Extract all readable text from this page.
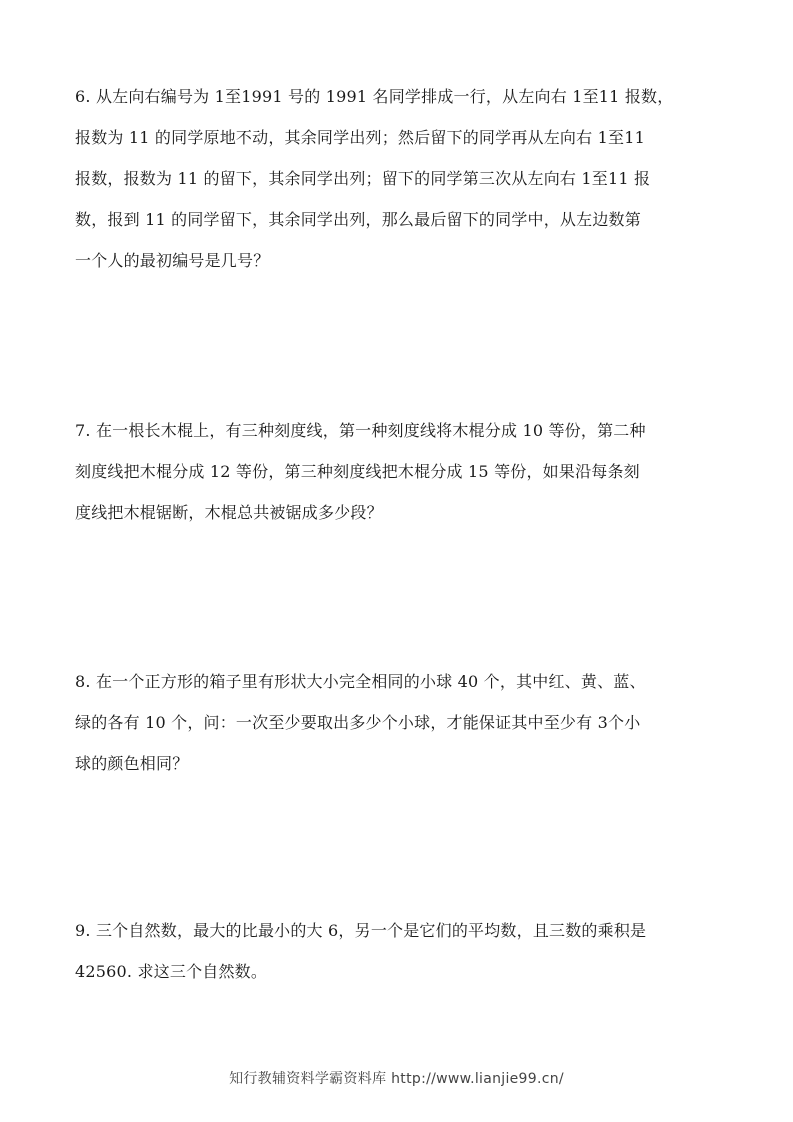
6. 从左向右编号为 1至1991 号的 1991 名同学排成一行，从左向右 1至11 报数，
报数为 11 的同学原地不动，其余同学出列；然后留下的同学再从左向右 1至11
报数，报数为 11 的留下，其余同学出列；留下的同学第三次从左向右 1至11 报
数，报到 11 的同学留下，其余同学出列，那么最后留下的同学中，从左边数第
一个人的最初编号是几号？
7. 在一根长木棍上，有三种刻度线，第一种刻度线将木棍分成 10 等份，第二种
刻度线把木棍分成 12 等份，第三种刻度线把木棍分成 15 等份，如果沿每条刻
度线把木棍锯断，木棍总共被锯成多少段？
8. 在一个正方形的箱子里有形状大小完全相同的小球 40 个，其中红、黄、蓝、
绿的各有 10 个，问：一次至少要取出多少个小球，才能保证其中至少有 3个小
球的颜色相同？
9. 三个自然数，最大的比最小的大 6，另一个是它们的平均数，且三数的乘积是
42560. 求这三个自然数。
知行教辅资料学霸资料库 http://www.lianjie99.cn/
